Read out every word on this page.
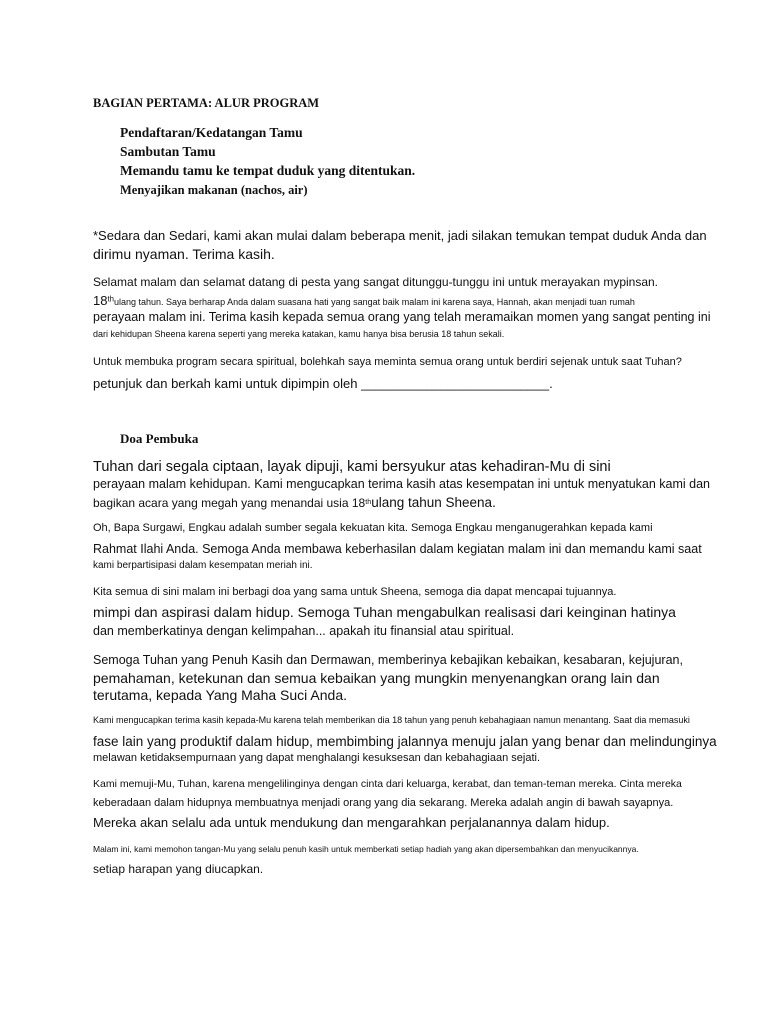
BAGIAN PERTAMA: ALUR PROGRAM

Pendaftaran/Kedatangan Tamu

Sambutan Tamu

Memandu tamu ke tempat duduk yang ditentukan.

Menyajikan makanan (nachos, air)

*Sedara dan Sedari, kami akan mulai dalam beberapa menit, jadi silakan temukan tempat duduk Anda dan

dirimu nyaman. Terima kasih.

Selamat malam dan selamat datang di pesta yang sangat ditunggu-tunggu ini untuk merayakan mypinsan.

18thulang tahun. Saya berharap Anda dalam suasana hati yang sangat baik malam ini karena saya, Hannah, akan menjadi tuan rumah

perayaan malam ini. Terima kasih kepada semua orang yang telah meramaikan momen yang sangat penting ini

dari kehidupan Sheena karena seperti yang mereka katakan, kamu hanya bisa berusia 18 tahun sekali.

Untuk membuka program secara spiritual, bolehkah saya meminta semua orang untuk berdiri sejenak untuk saat Tuhan?

petunjuk dan berkah kami untuk dipimpin oleh __________________________.

Doa Pembuka

Tuhan dari segala ciptaan, layak dipuji, kami bersyukur atas kehadiran-Mu di sini

perayaan malam kehidupan. Kami mengucapkan terima kasih atas kesempatan ini untuk menyatukan kami dan

bagikan acara yang megah yang menandai usia 18thulang tahun Sheena.

Oh, Bapa Surgawi, Engkau adalah sumber segala kekuatan kita. Semoga Engkau menganugerahkan kepada kami

Rahmat Ilahi Anda. Semoga Anda membawa keberhasilan dalam kegiatan malam ini dan memandu kami saat

kami berpartisipasi dalam kesempatan meriah ini.

Kita semua di sini malam ini berbagi doa yang sama untuk Sheena, semoga dia dapat mencapai tujuannya.

mimpi dan aspirasi dalam hidup. Semoga Tuhan mengabulkan realisasi dari keinginan hatinya

dan memberkatinya dengan kelimpahan... apakah itu finansial atau spiritual.

Semoga Tuhan yang Penuh Kasih dan Dermawan, memberinya kebajikan kebaikan, kesabaran, kejujuran,

pemahaman, ketekunan dan semua kebaikan yang mungkin menyenangkan orang lain dan

terutama, kepada Yang Maha Suci Anda.

Kami mengucapkan terima kasih kepada-Mu karena telah memberikan dia 18 tahun yang penuh kebahagiaan namun menantang. Saat dia memasuki

fase lain yang produktif dalam hidup, membimbing jalannya menuju jalan yang benar dan melindunginya

melawan ketidaksempurnaan yang dapat menghalangi kesuksesan dan kebahagiaan sejati.

Kami memuji-Mu, Tuhan, karena mengelilinginya dengan cinta dari keluarga, kerabat, dan teman-teman mereka. Cinta mereka

keberadaan dalam hidupnya membuatnya menjadi orang yang dia sekarang. Mereka adalah angin di bawah sayapnya.

Mereka akan selalu ada untuk mendukung dan mengarahkan perjalanannya dalam hidup.

Malam ini, kami memohon tangan-Mu yang selalu penuh kasih untuk memberkati setiap hadiah yang akan dipersembahkan dan menyucikannya.

setiap harapan yang diucapkan.
